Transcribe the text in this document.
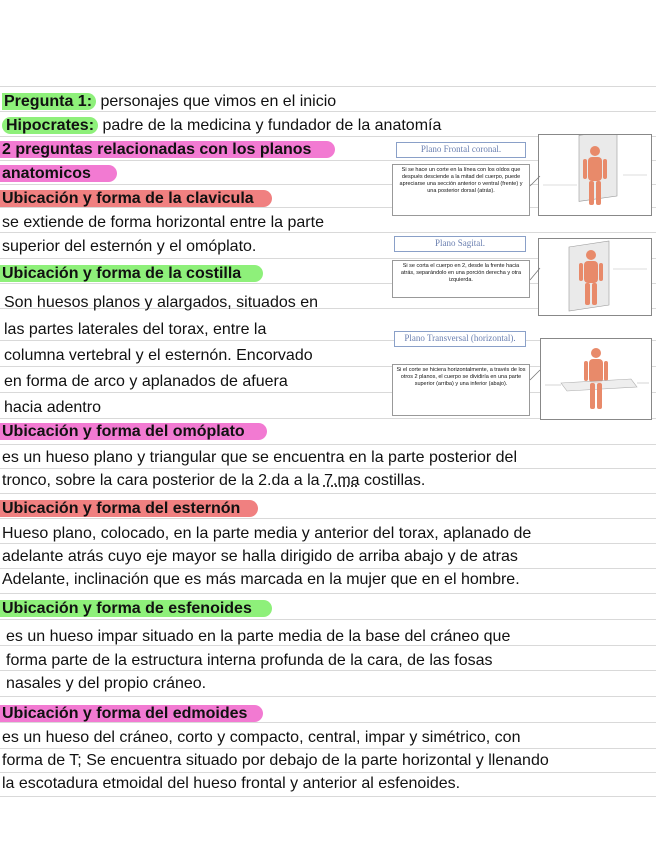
Pregunta 1: personajes que vimos en el inicio
Hipocrates: padre de la medicina y fundador de la anatomía
2 preguntas relacionadas con los planos
anatomicos
Ubicación y forma de la clavicula
se extiende de forma horizontal entre la parte
superior del esternón y el omóplato.
Ubicación y forma de la costilla
Son huesos planos y alargados, situados en
las partes laterales del torax, entre la
columna vertebral y el esternón. Encorvado
en forma de arco y aplanados de afuera
hacia adentro
Ubicación y forma del omóplato
es un hueso plano y triangular que se encuentra en la parte posterior del
tronco, sobre la cara posterior de la 2.da a la 7.ma costillas.
Ubicación y forma del esternón
Hueso plano, colocado, en la parte media y anterior del torax, aplanado de
adelante atrás cuyo eje mayor se halla dirigido de arriba abajo y de atras
Adelante, inclinación que es más marcada en la mujer que en el hombre.
Ubicación y forma de esfenoides
es un hueso impar situado en la parte media de la base del cráneo que
forma parte de la estructura interna profunda de la cara, de las fosas
nasales y del propio cráneo.
Ubicación y forma del edmoides
es un hueso del cráneo, corto y compacto, central, impar y simétrico, con
forma de T; Se encuentra situado por debajo de la parte horizontal y llenando
la escotadura etmoidal del hueso frontal y anterior al esfenoides.
Plano Frontal coronal.
Si se hace un corte en la línea con los oídos que después desciende a la mitad del cuerpo, puede apreciarse una sección anterior o ventral (frente) y una posterior dorsal (atrás).
Plano Sagital.
Si se corta el cuerpo en 2, desde la frente hacia atrás, separándolo en una porción derecha y otra izquierda.
Plano Transversal (horizontal).
Si el corte se hiciera horizontalmente, a través de los otros 2 planos, el cuerpo se dividiría en una parte superior (arriba) y una inferior (abajo).
